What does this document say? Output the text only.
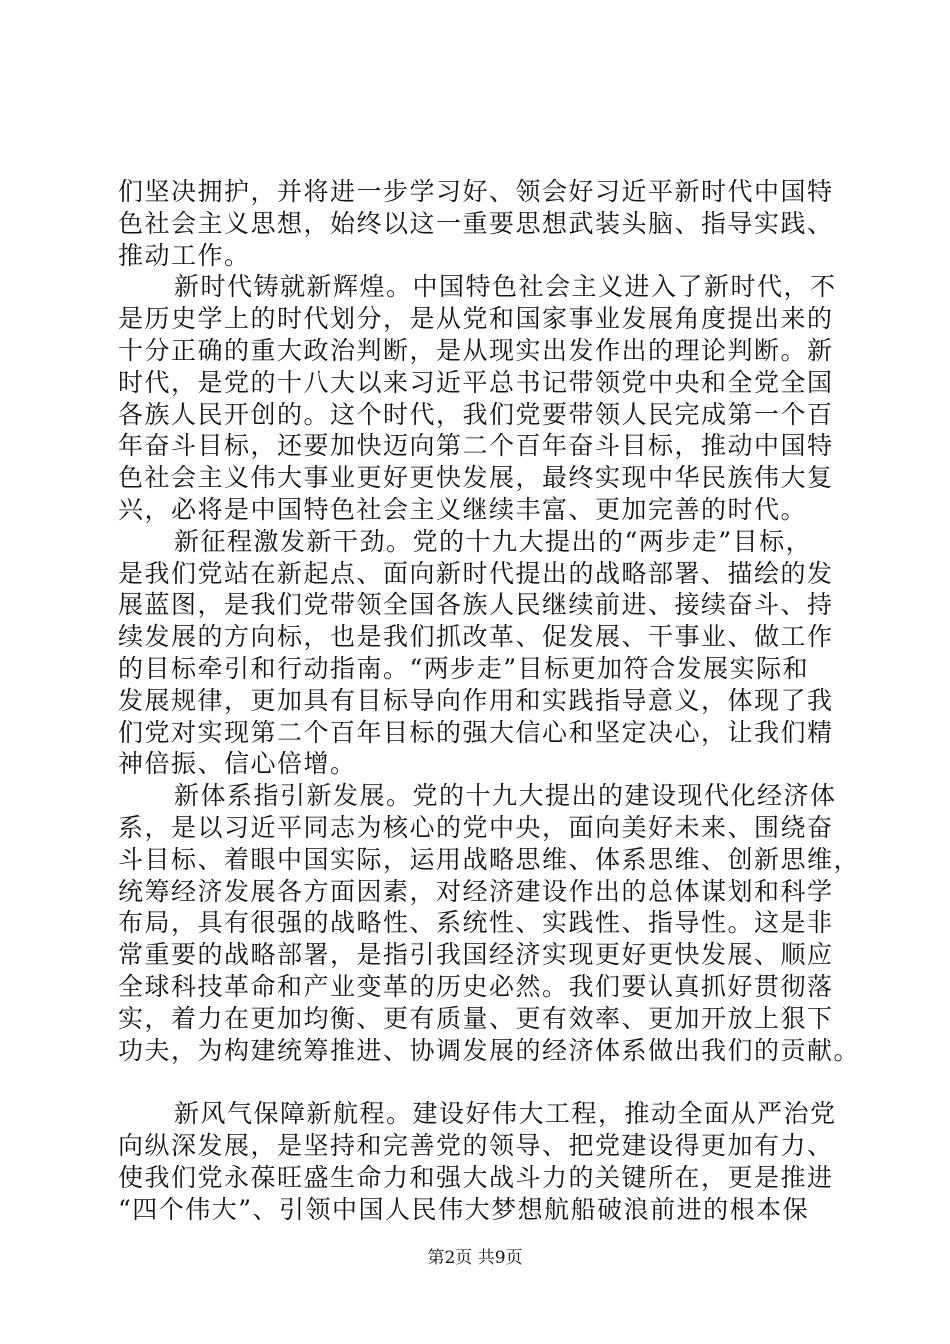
们坚决拥护，并将进一步学习好、领会好习近平新时代中国特
色社会主义思想，始终以这一重要思想武装头脑、指导实践、
推动工作。
新时代铸就新辉煌。中国特色社会主义进入了新时代，不
是历史学上的时代划分，是从党和国家事业发展角度提出来的
十分正确的重大政治判断，是从现实出发作出的理论判断。新
时代，是党的十八大以来习近平总书记带领党中央和全党全国
各族人民开创的。这个时代，我们党要带领人民完成第一个百
年奋斗目标，还要加快迈向第二个百年奋斗目标，推动中国特
色社会主义伟大事业更好更快发展，最终实现中华民族伟大复
兴，必将是中国特色社会主义继续丰富、更加完善的时代。
新征程激发新干劲。党的十九大提出的“两步走”目标，
是我们党站在新起点、面向新时代提出的战略部署、描绘的发
展蓝图，是我们党带领全国各族人民继续前进、接续奋斗、持
续发展的方向标，也是我们抓改革、促发展、干事业、做工作
的目标牵引和行动指南。“两步走”目标更加符合发展实际和
发展规律，更加具有目标导向作用和实践指导意义，体现了我
们党对实现第二个百年目标的强大信心和坚定决心，让我们精
神倍振、信心倍增。
新体系指引新发展。党的十九大提出的建设现代化经济体
系，是以习近平同志为核心的党中央，面向美好未来、围绕奋
斗目标、着眼中国实际，运用战略思维、体系思维、创新思维，
统筹经济发展各方面因素，对经济建设作出的总体谋划和科学
布局，具有很强的战略性、系统性、实践性、指导性。这是非
常重要的战略部署，是指引我国经济实现更好更快发展、顺应
全球科技革命和产业变革的历史必然。我们要认真抓好贯彻落
实，着力在更加均衡、更有质量、更有效率、更加开放上狠下
功夫，为构建统筹推进、协调发展的经济体系做出我们的贡献。
新风气保障新航程。建设好伟大工程，推动全面从严治党
向纵深发展，是坚持和完善党的领导、把党建设得更加有力、
使我们党永葆旺盛生命力和强大战斗力的关键所在，更是推进
“四个伟大”、引领中国人民伟大梦想航船破浪前进的根本保
第2页 共9页
